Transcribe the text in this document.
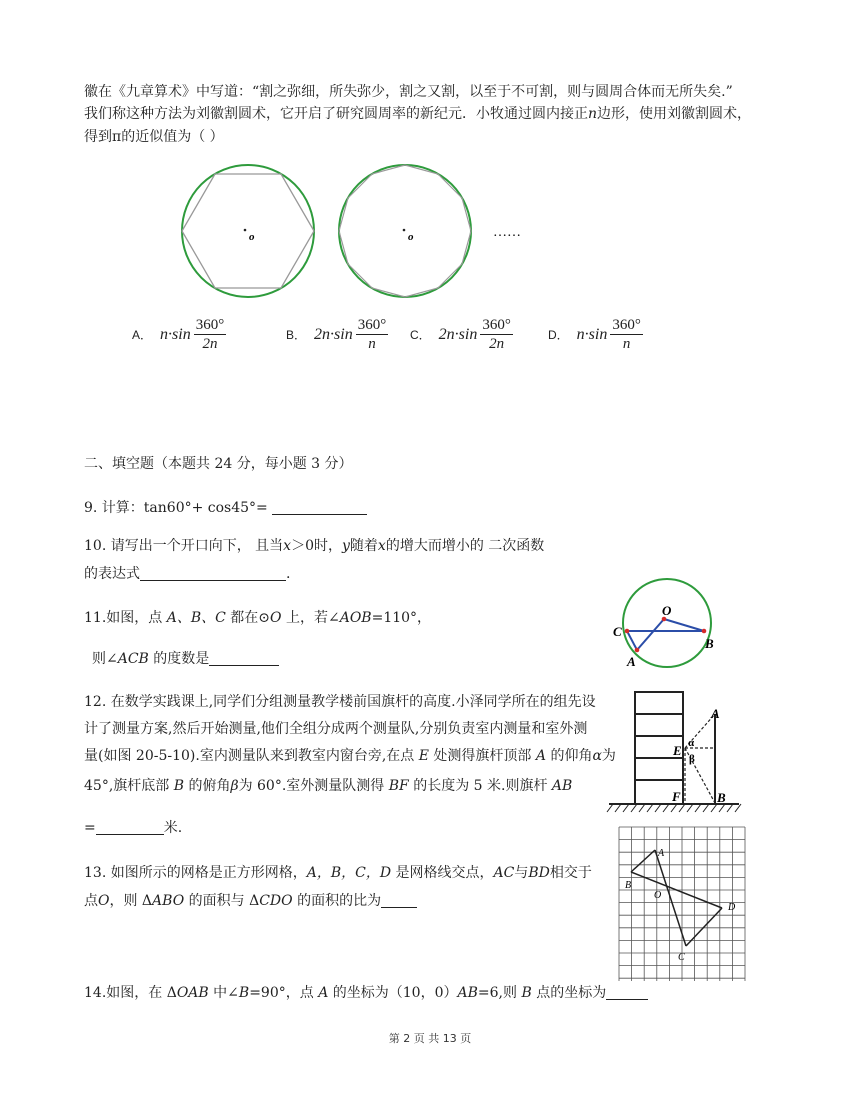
徽在《九章算术》中写道：“割之弥细，所失弥少，割之又割，以至于不可割，则与圆周合体而无所失矣.”
我们称这种方法为刘徽割圆术，它开启了研究圆周率的新纪元．小牧通过圆内接正n边形，使用刘徽割圆术，
得到π的近似值为（ ）
o	o	……
A． $n\cdot\sin \frac{360^\circ}{2n}$	B． $2n\cdot\sin \frac{360^\circ}{n}$ C． $2n\cdot\sin \frac{360^\circ}{2n}$	D． $n\cdot\sin \frac{360^\circ}{n}$
二、填空题（本题共 24 分，每小题 3 分）
9. 计算：tan60°+ cos45°=
10. 请写出一个开口向下， 且当x＞0时，y随着x的增大而增小的 二次函数
的表达式	.
11.如图，点 A、B、C 都在⊙O 上，若∠AOB=110°，
则∠ACB 的度数是
O
C
A
B
12. 在数学实践课上,同学们分组测量教学楼前国旗杆的高度.小泽同学所在的组先设
计了测量方案,然后开始测量,他们全组分成两个测量队,分别负责室内测量和室外测
量(如图 20-5-10).室内测量队来到教室内窗台旁,在点 E 处测得旗杆顶部 A 的仰角α为
45°,旗杆底部 B 的俯角β为 60°.室外测量队测得 BF 的长度为 5 米.则旗杆 AB
=	米.
A
E α
β
F	B
13. 如图所示的网格是正方形网格，A，B，C，D 是网格线交点，AC与BD相交于
点O，则 ΔABO 的面积与 ΔCDO 的面积的比为
A
B
O
D
C
14.如图，在 ΔOAB 中∠B=90°，点 A 的坐标为（10，0）AB=6,则 B 点的坐标为
第 2 页 共 13 页
